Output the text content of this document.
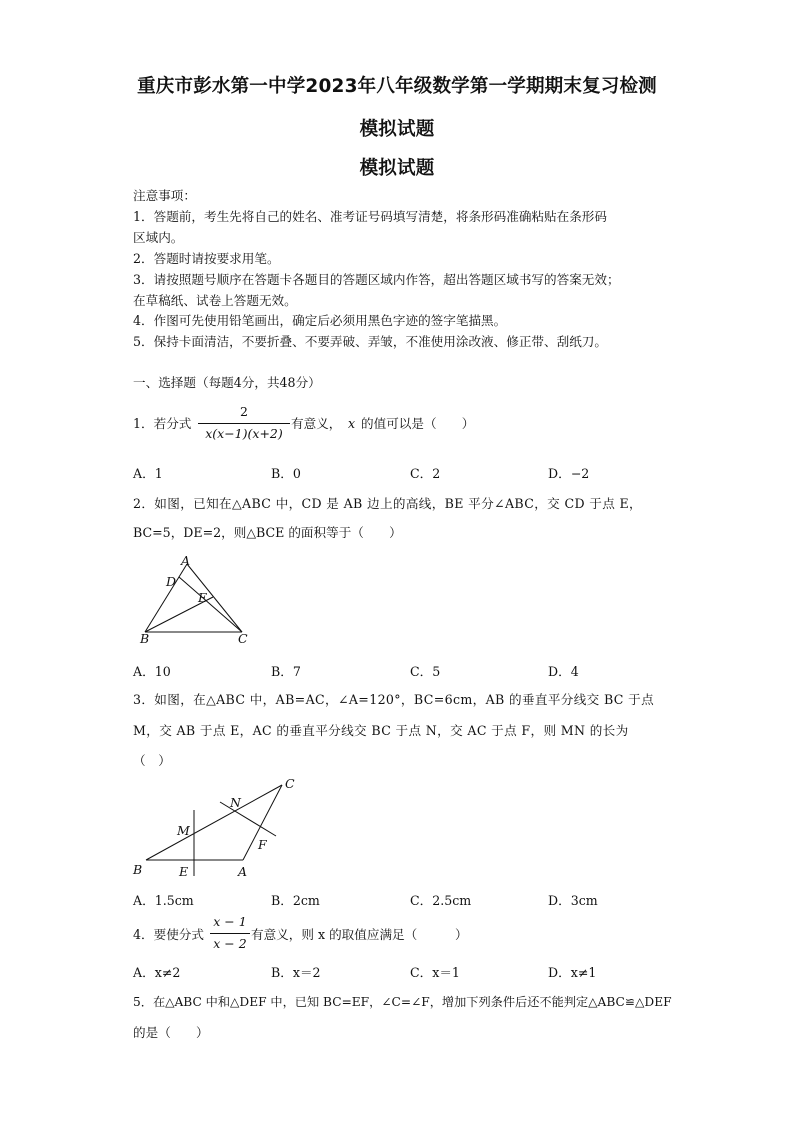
重庆市彭水第一中学2023年八年级数学第一学期期末复习检测
模拟试题
模拟试题
注意事项：
1．答题前，考生先将自己的姓名、准考证号码填写清楚，将条形码准确粘贴在条形码
区域内。
2．答题时请按要求用笔。
3．请按照题号顺序在答题卡各题目的答题区域内作答，超出答题区域书写的答案无效；
在草稿纸、试卷上答题无效。
4．作图可先使用铅笔画出，确定后必须用黑色字迹的签字笔描黑。
5．保持卡面清洁，不要折叠、不要弄破、弄皱，不准使用涂改液、修正带、刮纸刀。
一、选择题（每题4分，共48分）
1．若分式
2
x(x−1)(x+2)
有意义， x 的值可以是（　　）
A．1	B．0	C．2	D．−2
2．如图，已知在△ABC 中，CD 是 AB 边上的高线，BE 平分∠ABC，交 CD 于点 E，
BC=5，DE=2，则△BCE 的面积等于（　　）
A
D
E
B	C
A．10	B．7	C．5	D．4
3．如图，在△ABC 中，AB=AC，∠A=120°，BC=6cm，AB 的垂直平分线交 BC 于点
M，交 AB 于点 E，AC 的垂直平分线交 BC 于点 N，交 AC 于点 F，则 MN 的长为
（　）
C
N
M
F
B	E	A
A．1.5cm	B．2cm	C．2.5cm	D．3cm
4．要使分式
x − 1
x − 2
有意义，则 x 的取值应满足（　　　）
A．x≠2	B．x＝2	C．x＝1	D．x≠1
5．在△ABC 中和△DEF 中，已知 BC=EF，∠C=∠F，增加下列条件后还不能判定△ABC≌△DEF
的是（　　）
